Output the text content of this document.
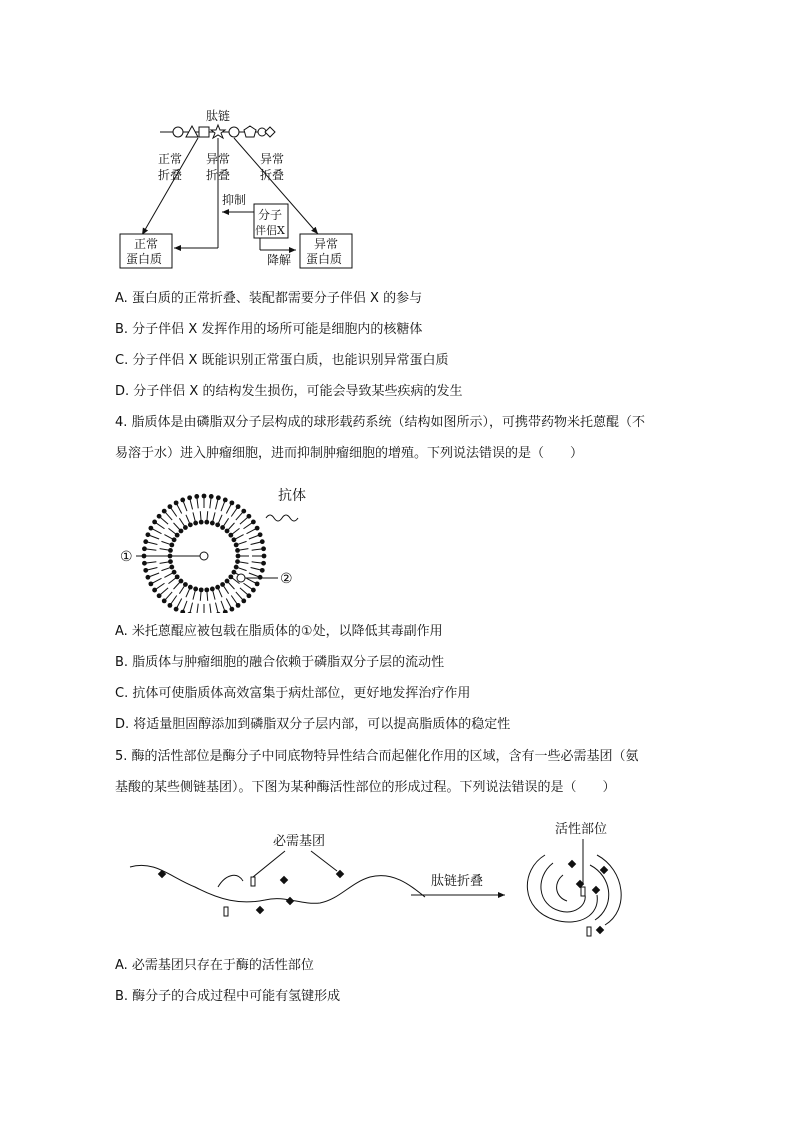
肽链
正常
折叠
异常
折叠
异常
折叠
抑制
分子
伴侣X
降解
正常
蛋白质
异常
蛋白质
A. 蛋白质的正常折叠、装配都需要分子伴侣 X 的参与
B. 分子伴侣 X 发挥作用的场所可能是细胞内的核糖体
C. 分子伴侣 X 既能识别正常蛋白质，也能识别异常蛋白质
D. 分子伴侣 X 的结构发生损伤，可能会导致某些疾病的发生
4. 脂质体是由磷脂双分子层构成的球形载药系统（结构如图所示），可携带药物米托蒽醌（不
易溶于水）进入肿瘤细胞，进而抑制肿瘤细胞的增殖。下列说法错误的是（　　）
抗体
①
②
A. 米托蒽醌应被包载在脂质体的①处，以降低其毒副作用
B. 脂质体与肿瘤细胞的融合依赖于磷脂双分子层的流动性
C. 抗体可使脂质体高效富集于病灶部位，更好地发挥治疗作用
D. 将适量胆固醇添加到磷脂双分子层内部，可以提高脂质体的稳定性
5. 酶的活性部位是酶分子中同底物特异性结合而起催化作用的区域，含有一些必需基团（氨
基酸的某些侧链基团）。下图为某种酶活性部位的形成过程。下列说法错误的是（　　）
必需基团
肽链折叠
活性部位
A. 必需基团只存在于酶的活性部位
B. 酶分子的合成过程中可能有氢键形成
